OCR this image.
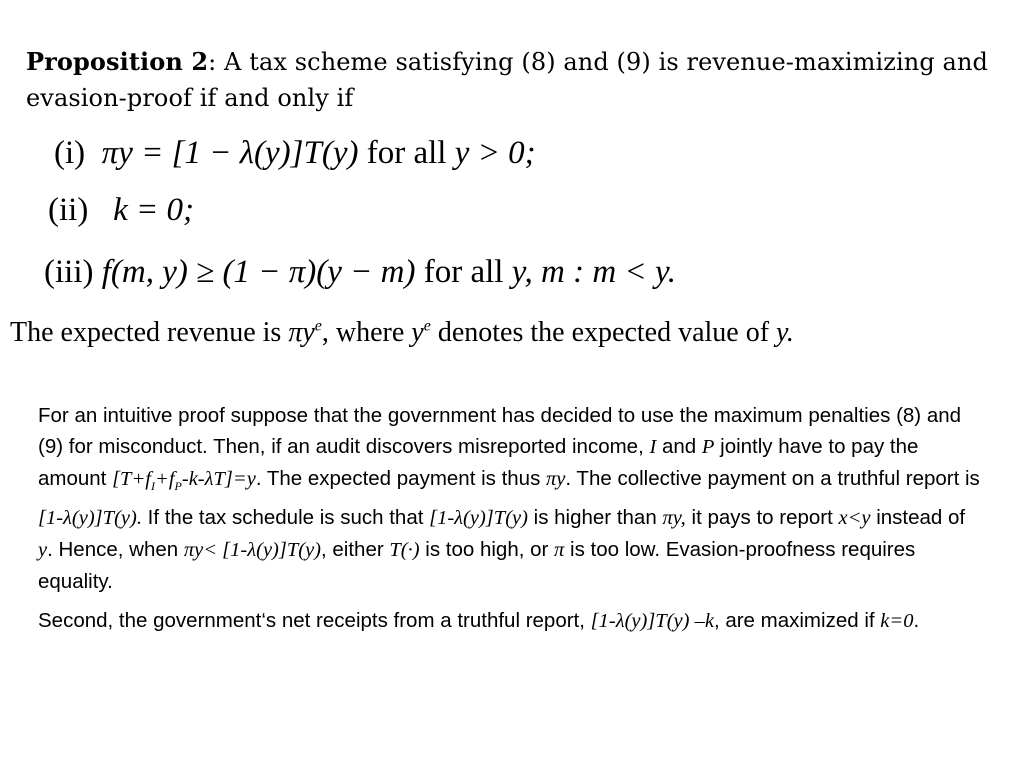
Proposition 2: A tax scheme satisfying (8) and (9) is revenue-maximizing and evasion-proof if and only if
(i) πy = [1 − λ(y)]T(y) for all y > 0;
(ii) k = 0;
(iii) f(m, y) ≥ (1 − π)(y − m) for all y, m : m < y.
The expected revenue is $\pi y^e$, where $y^e$ denotes the expected value of y.

For an intuitive proof suppose that the government has decided to use the maximum penalties (8) and (9) for misconduct. Then, if an audit discovers misreported income, I and P jointly have to pay the amount $[T+f_I+f_P-k-\lambda T]=y$. The expected payment is thus πy. The collective payment on a truthful report is [1-λ(y)]T(y). If the tax schedule is such that [1-λ(y)]T(y) is higher than πy, it pays to report x<y instead of y. Hence, when πy< [1-λ(y)]T(y), either T(·) is too high, or π is too low. Evasion-proofness requires equality.

Second, the government‘s net receipts from a truthful report, [1-λ(y)]T(y) –k, are maximized if k=0.
